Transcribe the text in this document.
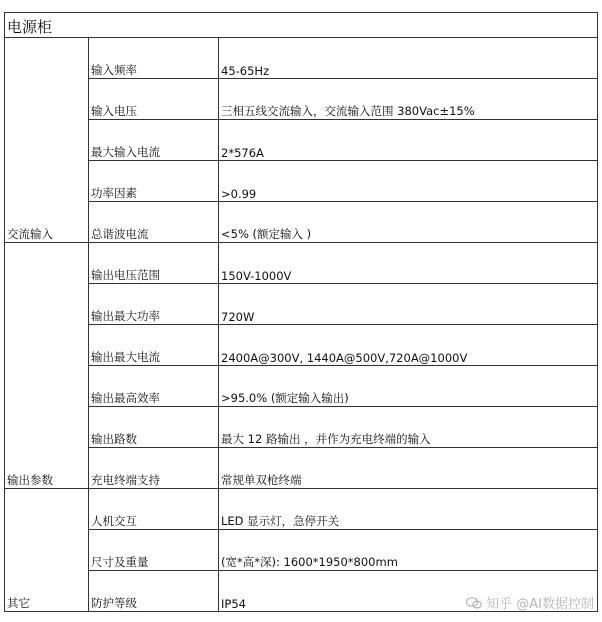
电源柜		
交流输入	输入频率	45-65Hz
	输入电压	三相五线交流输入，交流输入范围 380Vac±15%
	最大输入电流	2*576A
	功率因素	>0.99
	总谐波电流	<5% (额定输入 )
输出参数	输出电压范围	150V-1000V
	输出最大功率	720W
	输出最大电流	2400A@300V, 1440A@500V,720A@1000V
	输出最高效率	>95.0% (额定输入输出)
	输出路数	最大 12 路输出 ，并作为充电终端的输入
	充电终端支持	常规单双枪终端
其它	人机交互	LED 显示灯，急停开关
	尺寸及重量	(宽*高*深): 1600*1950*800mm
	防护等级	IP54	知乎 @AI数据控制
